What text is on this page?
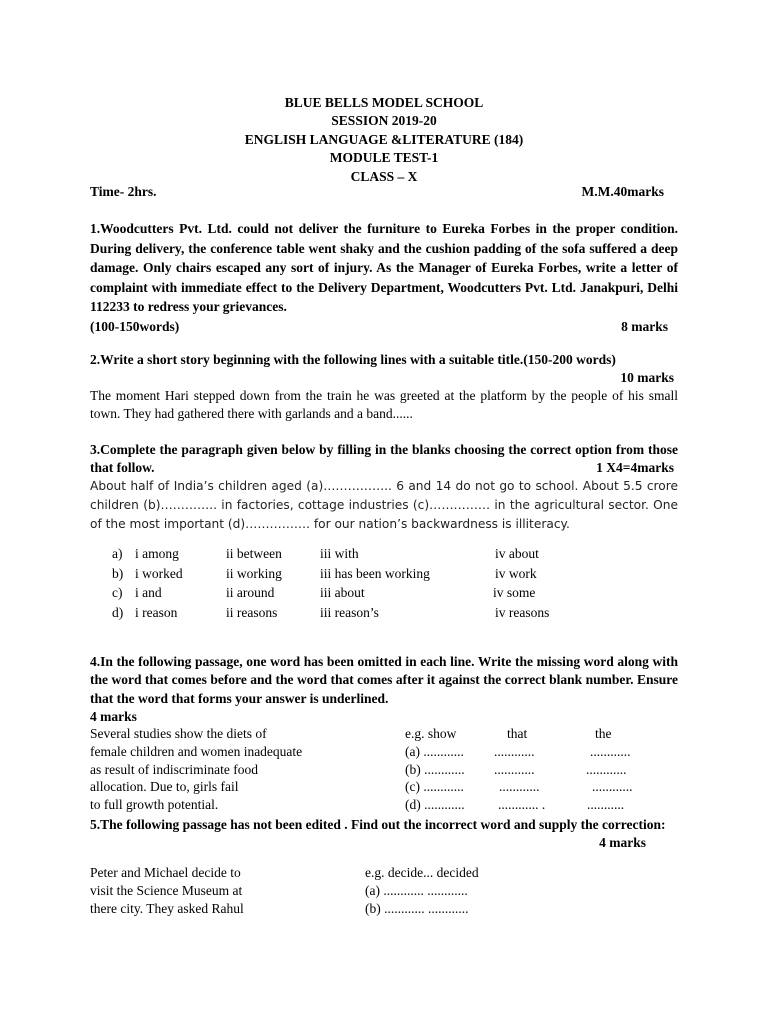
BLUE BELLS MODEL SCHOOL
SESSION 2019-20
ENGLISH LANGUAGE &LITERATURE (184)
MODULE TEST-1
CLASS – X
Time- 2hrs.	M.M.40marks
1.Woodcutters Pvt. Ltd. could not deliver the furniture to Eureka Forbes in the proper condition. During delivery, the conference table went shaky and the cushion padding of the sofa suffered a deep damage. Only chairs escaped any sort of injury. As the Manager of Eureka Forbes, write a letter of complaint with immediate effect to the Delivery Department, Woodcutters Pvt. Ltd. Janakpuri, Delhi 112233 to redress your grievances.
(100-150words)	8 marks
2.Write a short story beginning with the following lines with a suitable title.(150-200 words)
10 marks
The moment Hari stepped down from the train he was greeted at the platform by the people of his small town. They had gathered there with garlands and a band......
3.Complete the paragraph given below by filling in the blanks choosing the correct option from those that follow.	1 X4=4marks
About half of India’s children aged (a)…………….. 6 and 14 do not go to school. About 5.5 crore children (b)………….. in factories, cottage industries (c)…………… in the agricultural sector. One of the most important (d)……………. for our nation’s backwardness is illiteracy.
a) i among	ii between	iii with	iv about
b) i worked	ii working	iii has been working	iv work
c) i and	ii around	iii about	iv some
d) i reason	ii reasons	iii reason’s	iv reasons
4.In the following passage, one word has been omitted in each line. Write the missing word along with the word that comes before and the word that comes after it against the correct blank number. Ensure that the word that forms your answer is underlined.
4 marks
Several studies show the diets of	e.g. show	that	the
female children and women inadequate	(a) ............ ............	............
as result of indiscriminate food	(b) ............ ............	............
allocation. Due to, girls fail	(c) ............	............	............
to full growth potential.	(d) ............ ............ .	...........
5.The following passage has not been edited . Find out the incorrect word and supply the correction:
4 marks
Peter and Michael decide to	e.g. decide... decided
visit the Science Museum at	(a) ............ ............
there city. They asked Rahul	(b) ............ ............
